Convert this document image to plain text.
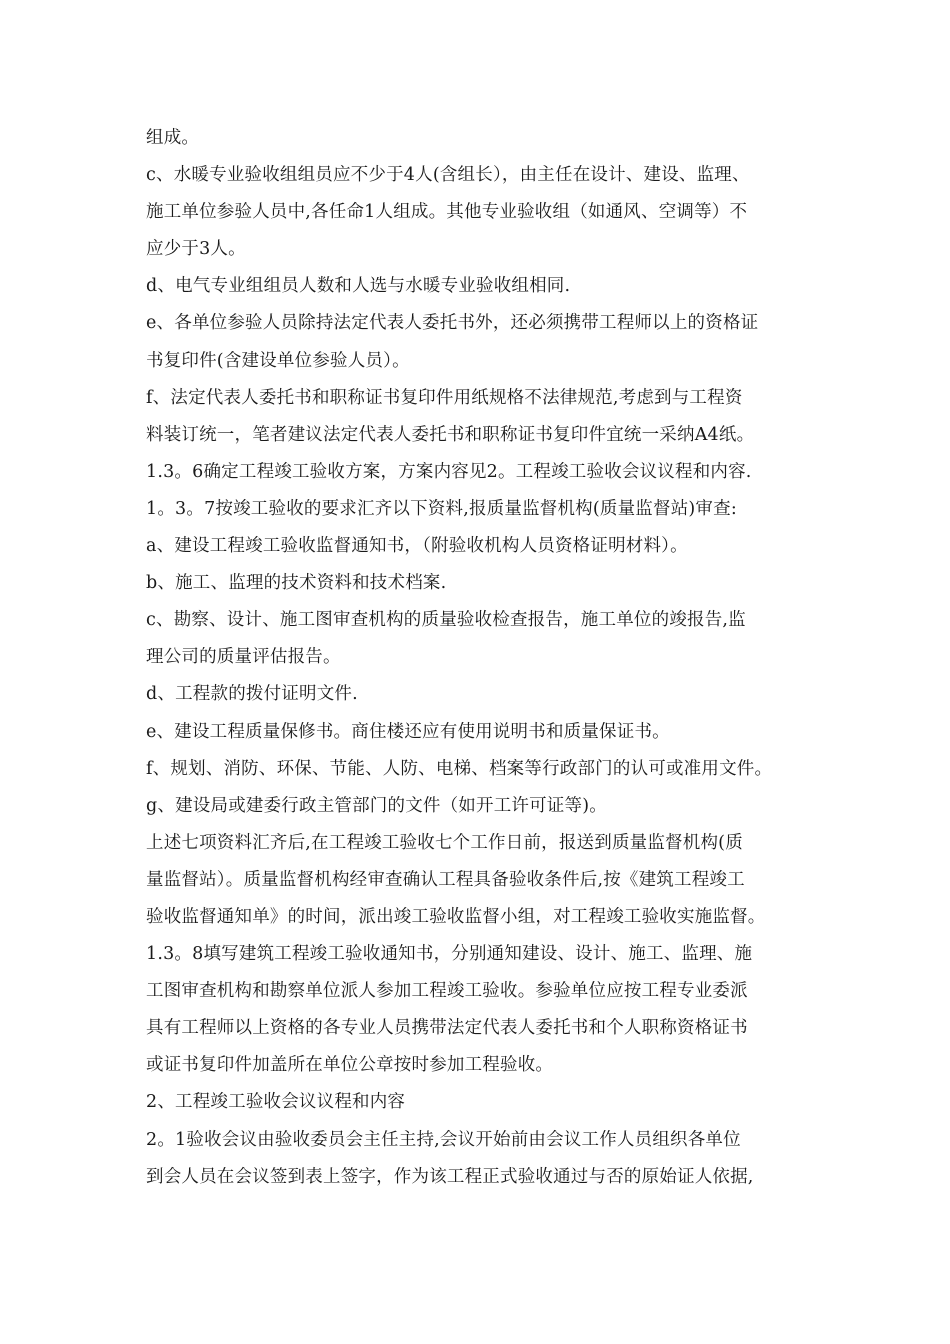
组成。
c、水暖专业验收组组员应不少于4人(含组长），由主任在设计、建设、监理、
施工单位参验人员中,各任命1人组成。其他专业验收组（如通风、空调等）不
应少于3人。
d、电气专业组组员人数和人选与水暖专业验收组相同.
e、各单位参验人员除持法定代表人委托书外，还必须携带工程师以上的资格证
书复印件(含建设单位参验人员）。
f、法定代表人委托书和职称证书复印件用纸规格不法律规范,考虑到与工程资
料装订统一，笔者建议法定代表人委托书和职称证书复印件宜统一采纳A4纸。
1.3。6确定工程竣工验收方案，方案内容见2。工程竣工验收会议议程和内容.
1。3。7按竣工验收的要求汇齐以下资料,报质量监督机构(质量监督站)审查:
a、建设工程竣工验收监督通知书，（附验收机构人员资格证明材料）。
b、施工、监理的技术资料和技术档案.
c、勘察、设计、施工图审查机构的质量验收检查报告，施工单位的竣报告,监
理公司的质量评估报告。
d、工程款的拨付证明文件.
e、建设工程质量保修书。商住楼还应有使用说明书和质量保证书。
f、规划、消防、环保、节能、人防、电梯、档案等行政部门的认可或准用文件。
g、建设局或建委行政主管部门的文件（如开工许可证等)。
上述七项资料汇齐后,在工程竣工验收七个工作日前，报送到质量监督机构(质
量监督站）。质量监督机构经审查确认工程具备验收条件后,按《建筑工程竣工
验收监督通知单》的时间，派出竣工验收监督小组，对工程竣工验收实施监督。
1.3。8填写建筑工程竣工验收通知书，分别通知建设、设计、施工、监理、施
工图审查机构和勘察单位派人参加工程竣工验收。参验单位应按工程专业委派
具有工程师以上资格的各专业人员携带法定代表人委托书和个人职称资格证书
或证书复印件加盖所在单位公章按时参加工程验收。
2、工程竣工验收会议议程和内容
2。1验收会议由验收委员会主任主持,会议开始前由会议工作人员组织各单位
到会人员在会议签到表上签字，作为该工程正式验收通过与否的原始证人依据,
